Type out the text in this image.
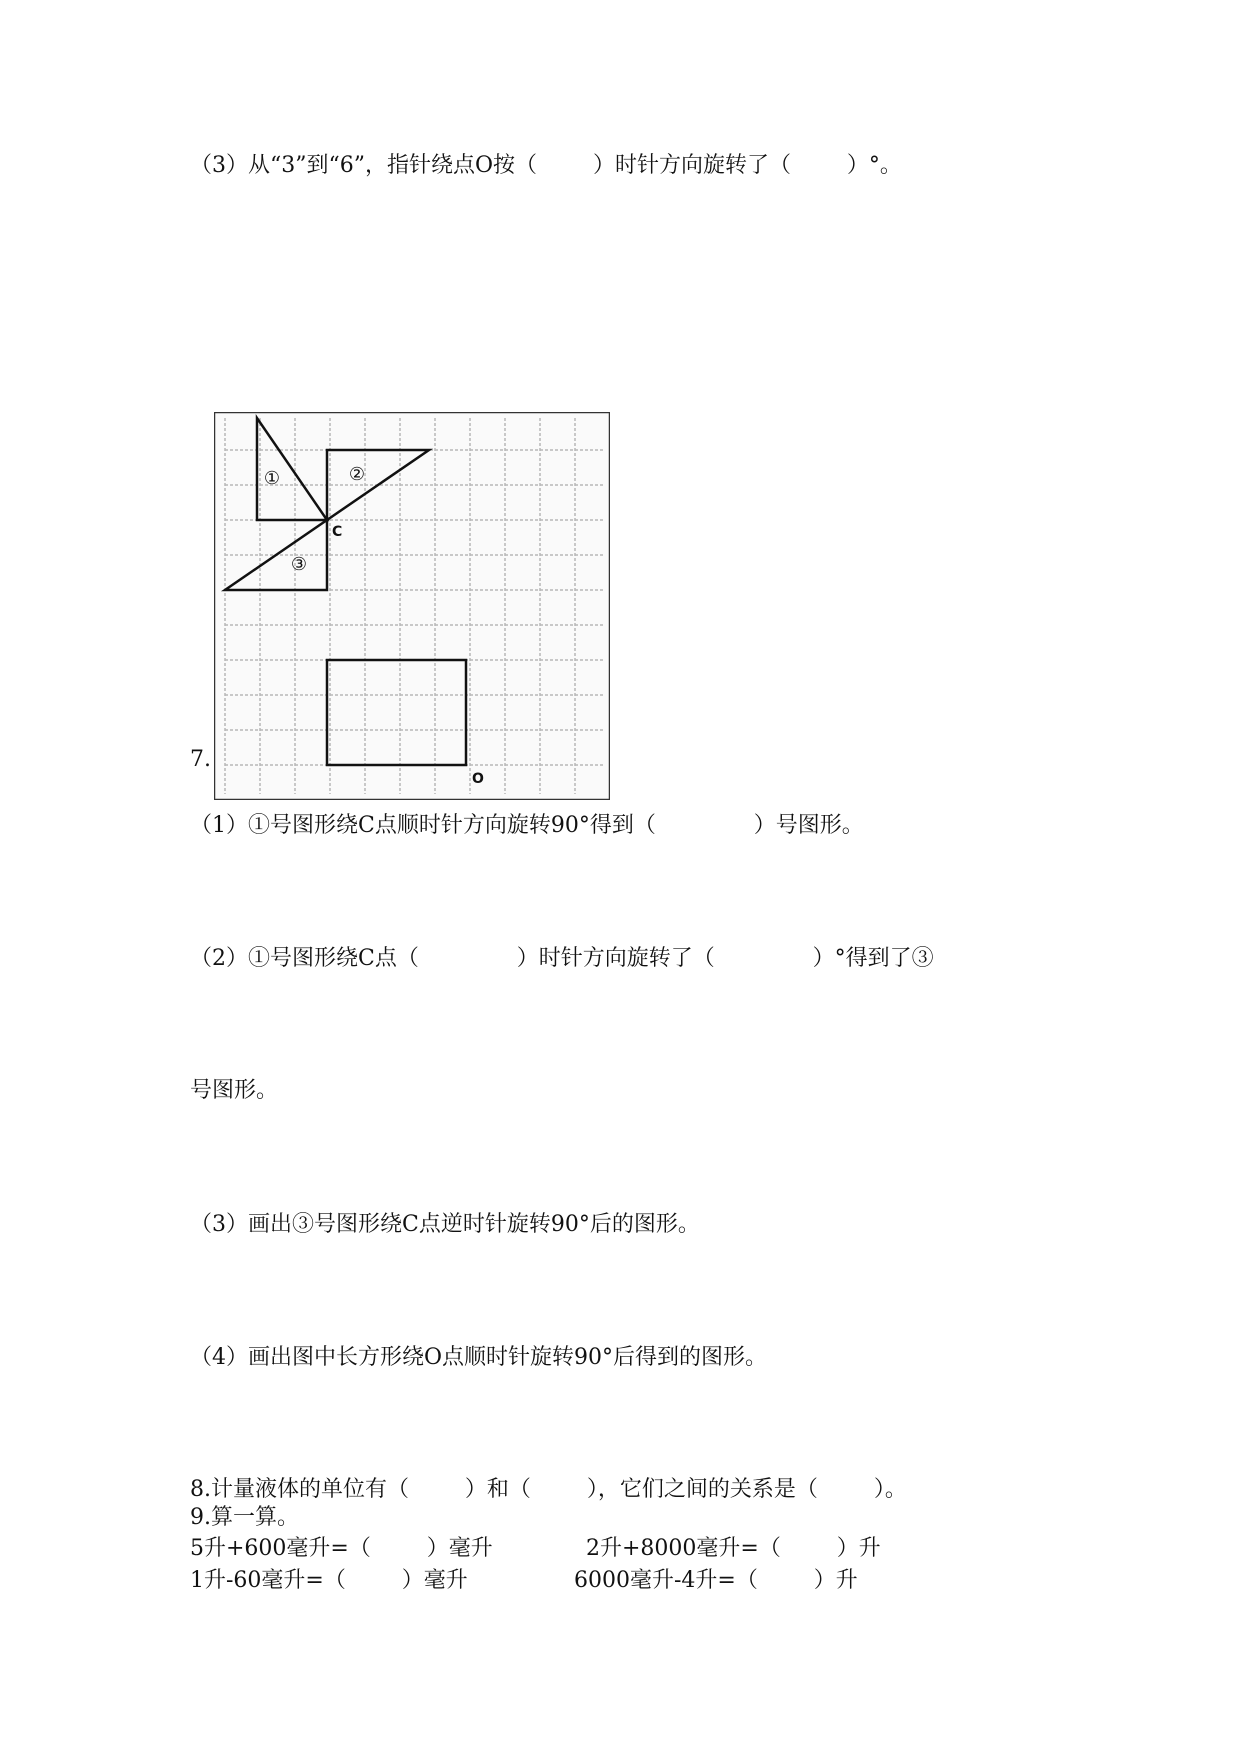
（3）从“3”到“6”，指针绕点O按（        ）时针方向旋转了（        ）°。
①	②
③
C
O
7.
（1）①号图形绕C点顺时针方向旋转90°得到（              ）号图形。
（2）①号图形绕C点（              ）时针方向旋转了（              ）°得到了③
号图形。
（3）画出③号图形绕C点逆时针旋转90°后的图形。
（4）画出图中长方形绕O点顺时针旋转90°后得到的图形。
8.计量液体的单位有（        ）和（        ），它们之间的关系是（        ）。
9.算一算。
5升+600毫升=（        ）毫升	2升+8000毫升=（        ）升
1升-60毫升=（        ）毫升	6000毫升-4升=（        ）升
